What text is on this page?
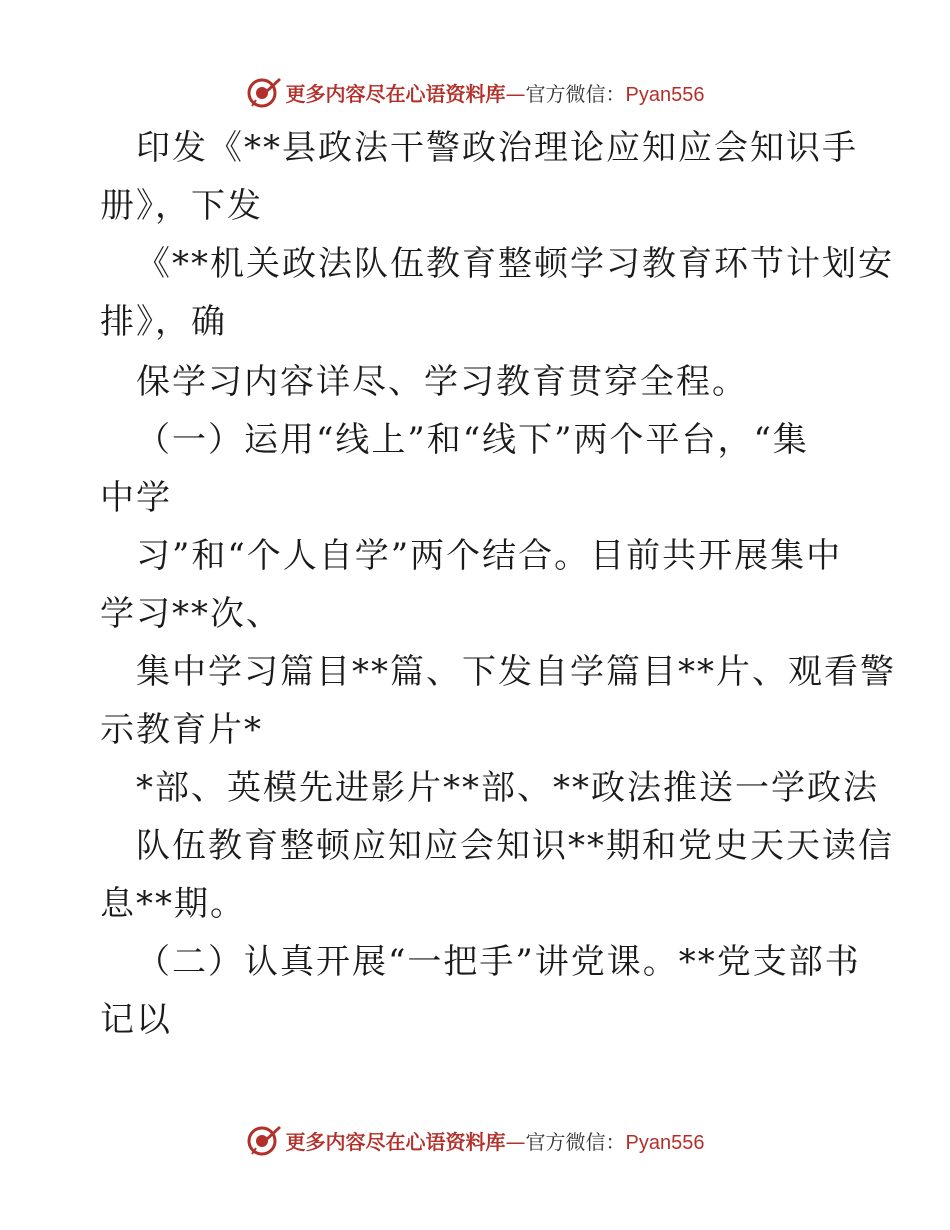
更多内容尽在心语资料库—官方微信：Pyan556
印发《**县政法干警政治理论应知应会知识手
册》，下发
《**机关政法队伍教育整顿学习教育环节计划安
排》，确
保学习内容详尽、学习教育贯穿全程。
（一）运用“线上”和“线下”两个平台，“集
中学
习”和“个人自学”两个结合。目前共开展集中
学习**次、
集中学习篇目**篇、下发自学篇目**片、观看警
示教育片*
*部、英模先进影片**部、**政法推送一学政法
队伍教育整顿应知应会知识**期和党史天天读信
息**期。
（二）认真开展“一把手”讲党课。**党支部书
记以
更多内容尽在心语资料库—官方微信：Pyan556
